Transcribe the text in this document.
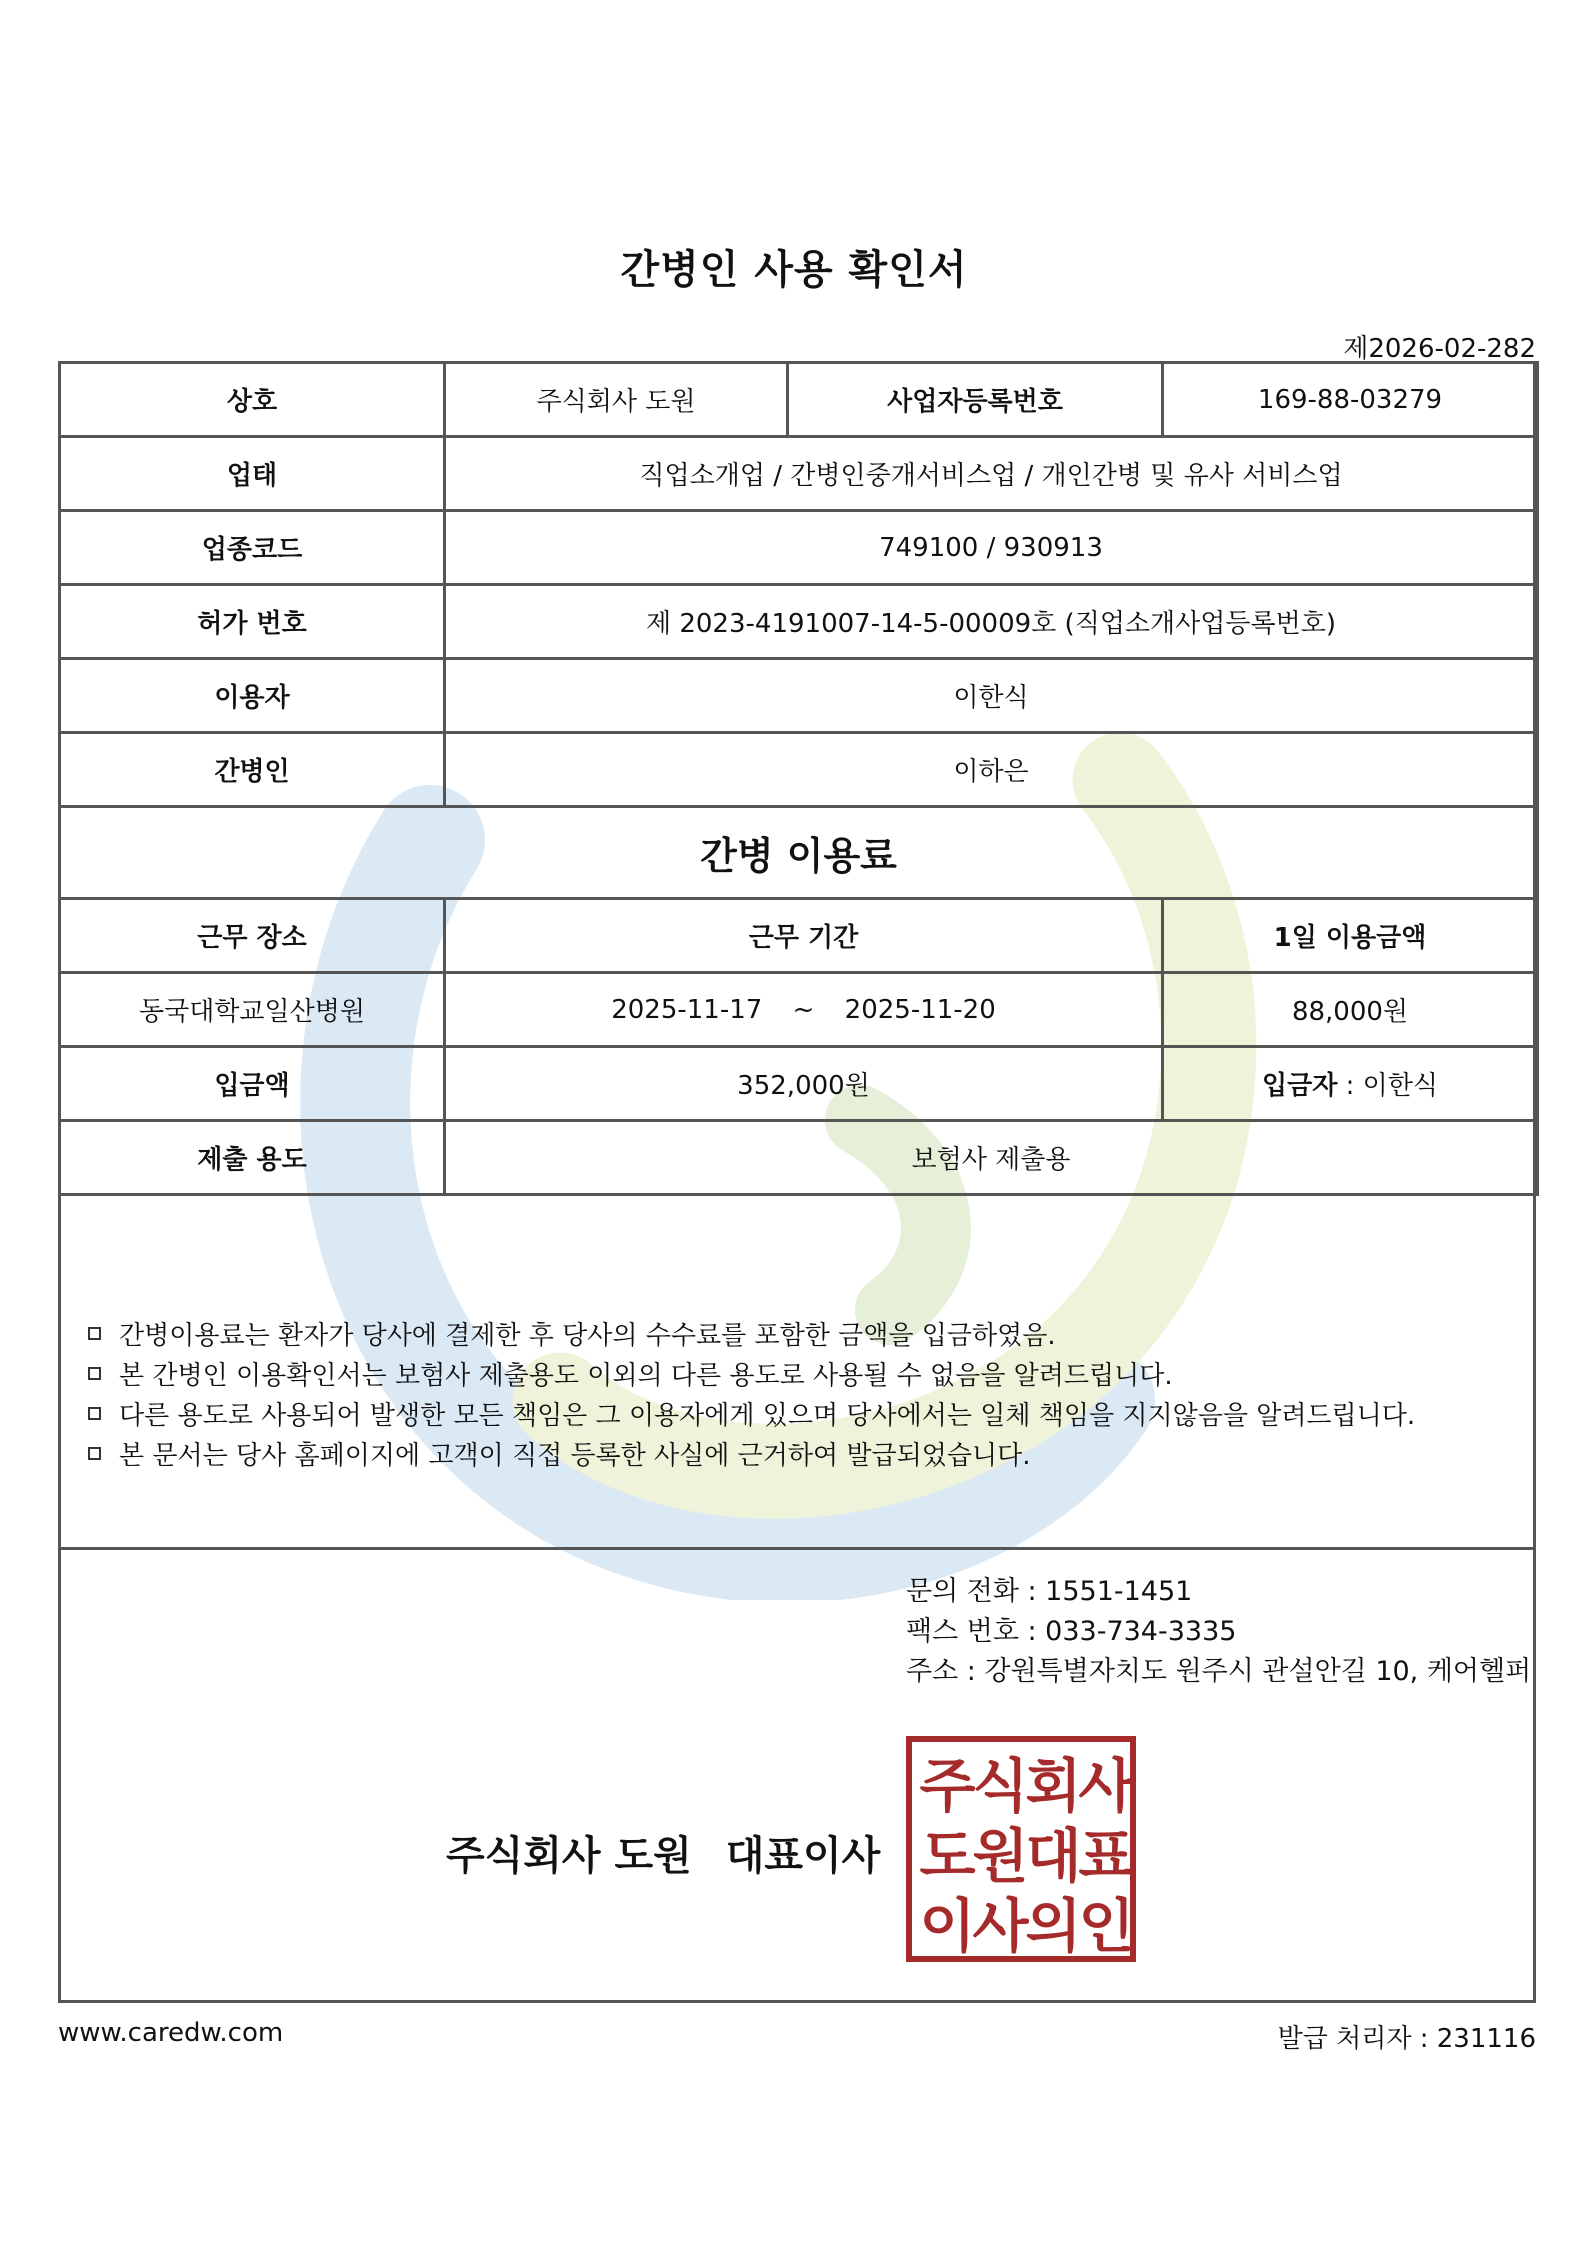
간병인 사용 확인서
제2026-02-282
상호	주식회사 도원	사업자등록번호	169-88-03279
업태	직업소개업 / 간병인중개서비스업 / 개인간병 및 유사 서비스업		
업종코드	749100 / 930913		
허가 번호	제 2023-4191007-14-5-00009호 (직업소개사업등록번호)		
이용자	이한식		
간병인	이하은		
간병 이용료			
근무 장소	근무 기간		1일 이용금액
동국대학교일산병원	2025-11-17 ~ 2025-11-20		88,000원
입금액	352,000원		입금자 : 이한식
제출 용도	보험사 제출용		
간병이용료는 환자가 당사에 결제한 후 당사의 수수료를 포함한 금액을 입금하였음.
본 간병인 이용확인서는 보험사 제출용도 이외의 다른 용도로 사용될 수 없음을 알려드립니다.
다른 용도로 사용되어 발생한 모든 책임은 그 이용자에게 있으며 당사에서는 일체 책임을 지지않음을 알려드립니다.
본 문서는 당사 홈페이지에 고객이 직접 등록한 사실에 근거하여 발급되었습니다.
문의 전화 : 1551-1451
팩스 번호 : 033-734-3335
주소 : 강원특별자치도 원주시 관설안길 10, 케어헬퍼
주식회사 도원 대표이사
주
식
회
사
도
원
대
표
이
사
의
인
www.caredw.com	발급 처리자 : 231116
